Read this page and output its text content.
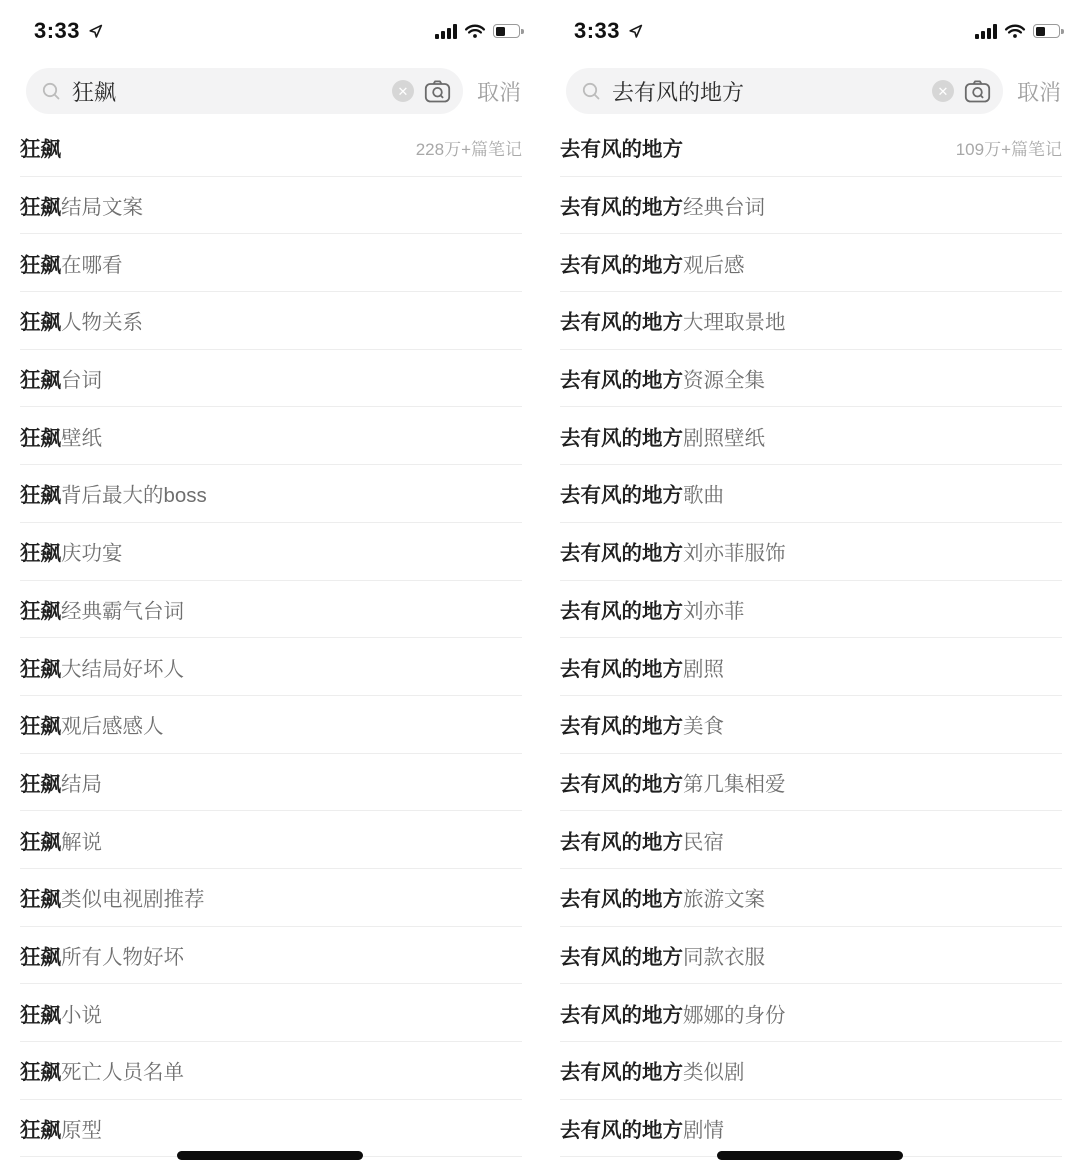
3:33
狂飙	✕	取消
狂飙	228万+篇笔记
狂飙结局文案
狂飙在哪看
狂飙人物关系
狂飙台词
狂飙壁纸
狂飙背后最大的boss
狂飙庆功宴
狂飙经典霸气台词
狂飙大结局好坏人
狂飙观后感感人
狂飙结局
狂飙解说
狂飙类似电视剧推荐
狂飙所有人物好坏
狂飙小说
狂飙死亡人员名单
狂飙原型
3:33
去有风的地方	✕	取消
去有风的地方	109万+篇笔记
去有风的地方经典台词
去有风的地方观后感
去有风的地方大理取景地
去有风的地方资源全集
去有风的地方剧照壁纸
去有风的地方歌曲
去有风的地方刘亦菲服饰
去有风的地方刘亦菲
去有风的地方剧照
去有风的地方美食
去有风的地方第几集相爱
去有风的地方民宿
去有风的地方旅游文案
去有风的地方同款衣服
去有风的地方娜娜的身份
去有风的地方类似剧
去有风的地方剧情
